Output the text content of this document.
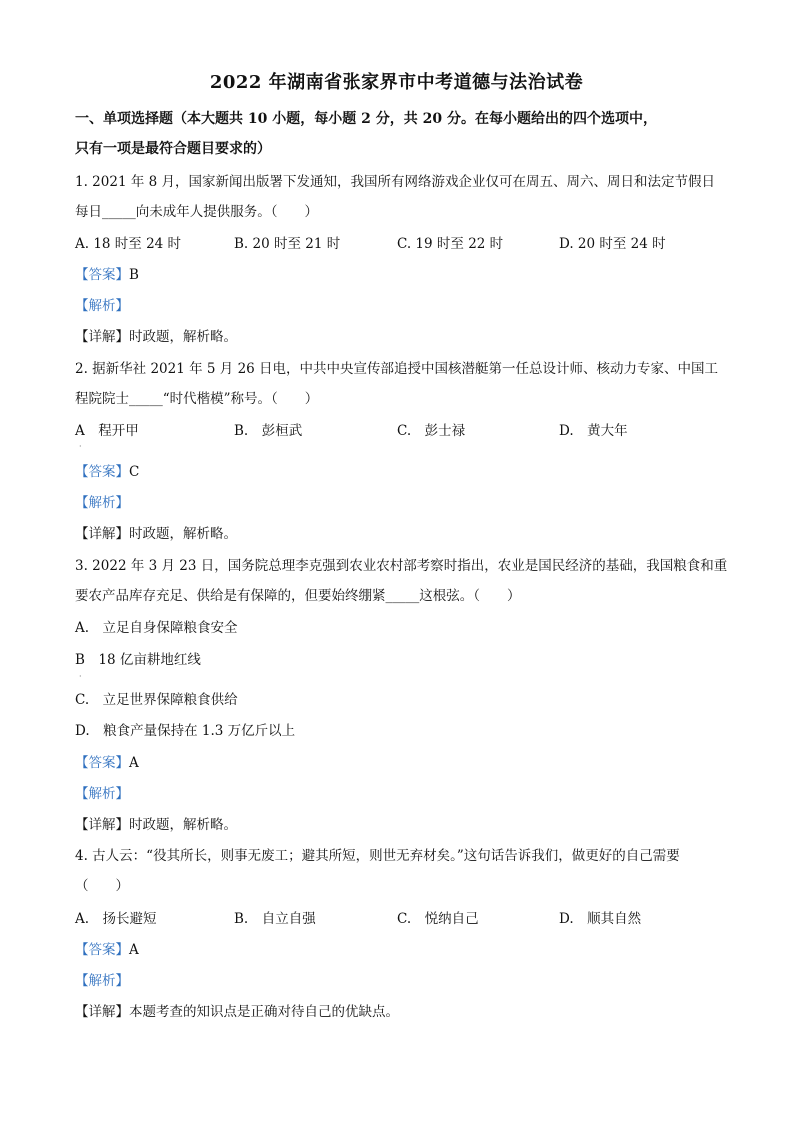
2022 年湖南省张家界市中考道德与法治试卷
一、单项选择题（本大题共 10 小题，每小题 2 分，共 20 分。在每小题给出的四个选项中，
只有一项是最符合题目要求的）
1. 2021 年 8 月，国家新闻出版署下发通知，我国所有网络游戏企业仅可在周五、周六、周日和法定节假日
每日_____向未成年人提供服务。（　　）
A. 18 时至 24 时	B. 20 时至 21 时	C. 19 时至 22 时	D. 20 时至 24 时
【答案】B
【解析】
【详解】时政题，解析略。
2. 据新华社 2021 年 5 月 26 日电，中共中央宣传部追授中国核潜艇第一任总设计师、核动力专家、中国工
程院院士_____“时代楷模”称号。（　　）
A　程开甲	B.　彭桓武	C.　彭士禄	D.　黄大年
·
【答案】C
【解析】
【详解】时政题，解析略。
3. 2022 年 3 月 23 日，国务院总理李克强到农业农村部考察时指出，农业是国民经济的基础，我国粮食和重
要农产品库存充足、供给是有保障的，但要始终绷紧_____这根弦。（　　）
A.　立足自身保障粮食安全
B　18 亿亩耕地红线
·
C.　立足世界保障粮食供给
D.　粮食产量保持在 1.3 万亿斤以上
【答案】A
【解析】
【详解】时政题，解析略。
4. 古人云：“役其所长，则事无废工；避其所短，则世无弃材矣。”这句话告诉我们，做更好的自己需要
（　　）
A.　扬长避短	B.　自立自强	C.　悦纳自己	D.　顺其自然
【答案】A
【解析】
【详解】本题考查的知识点是正确对待自己的优缺点。
